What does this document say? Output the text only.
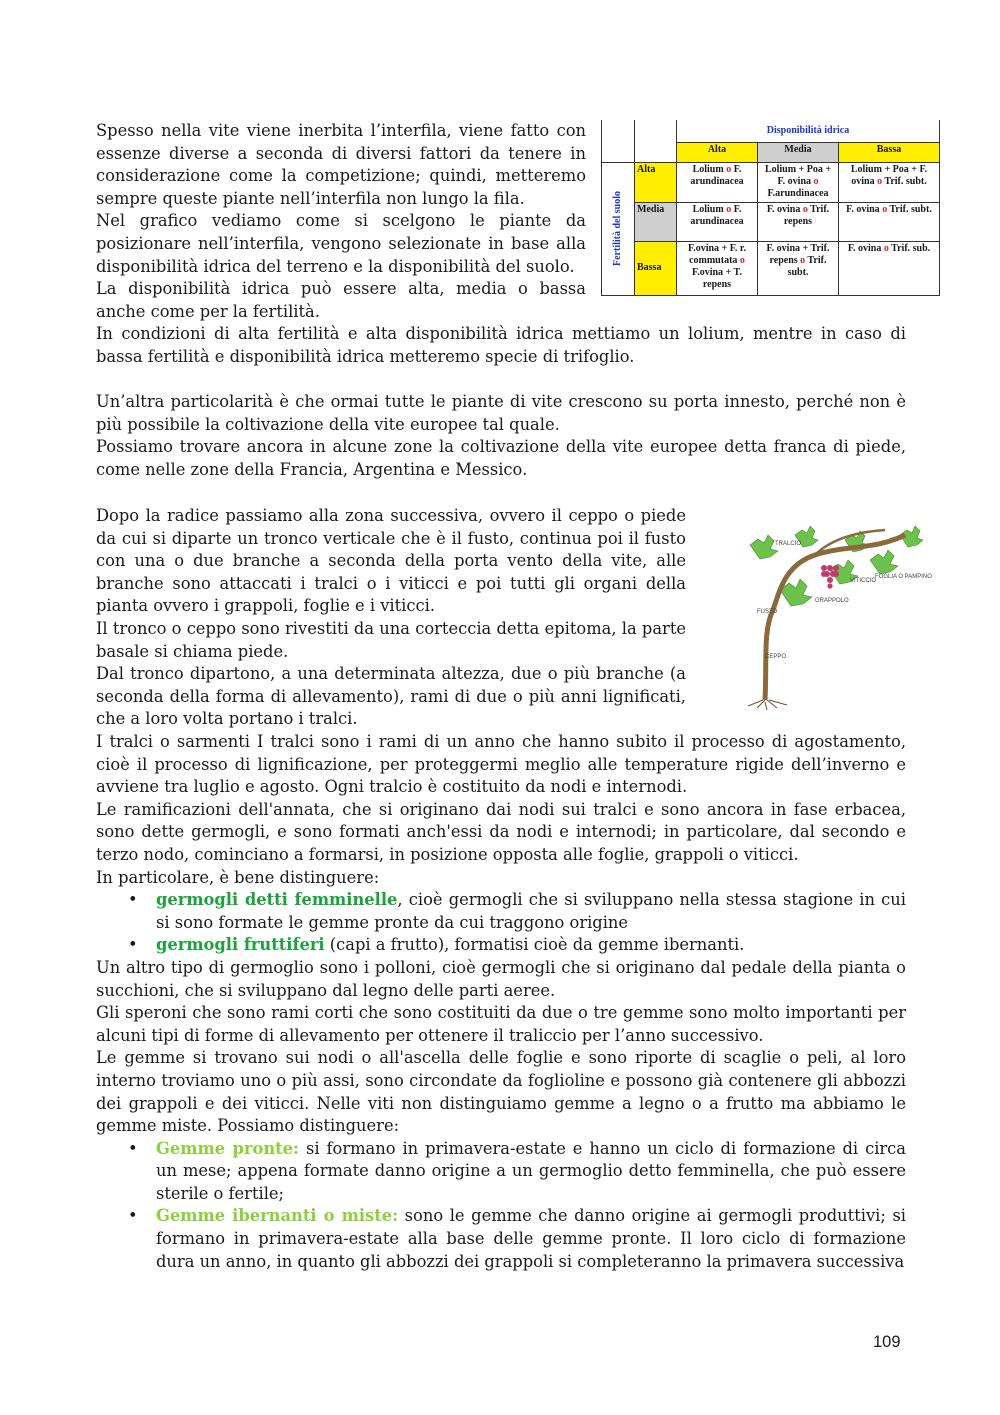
Spesso nella vite viene inerbita l’interfila, viene fatto con essenze diverse a seconda di diversi fattori da tenere in considerazione come la competizione; quindi, metteremo sempre queste piante nell’interfila non lungo la fila.

Nel grafico vediamo come si scelgono le piante da posizionare nell’interfila, vengono selezionate in base alla disponibilità idrica del terreno e la disponibilità del suolo.

La disponibilità idrica può essere alta, media o bassa anche come per la fertilità.

In condizioni di alta fertilità e alta disponibilità idrica mettiamo un lolium, mentre in caso di bassa fertilità e disponibilità idrica metteremo specie di trifoglio.

		Disponibilità idrica		
		Alta	Media	Bassa

Fertilità del suolo	Alta	Lolium o F. arundinacea	Lolium + Poa + F. ovina o F.arundinacea	Lolium + Poa + F. ovina o Trif. subt.
	Media	Lolium o F. arundinacea	F. ovina o Trif. repens	F. ovina o Trif. subt.
	Bassa	F.ovina + F. r. commutata o F.ovina + T. repens	F. ovina + Trif. repens o Trif. subt.	F. ovina o Trif. sub.

Un’altra particolarità è che ormai tutte le piante di vite crescono su porta innesto, perché non è più possibile la coltivazione della vite europee tal quale.

Possiamo trovare ancora in alcune zone la coltivazione della vite europee detta franca di piede, come nelle zone della Francia, Argentina e Messico.

Dopo la radice passiamo alla zona successiva, ovvero il ceppo o piede da cui si diparte un tronco verticale che è il fusto, continua poi il fusto con una o due branche a seconda della porta vento della vite, alle branche sono attaccati i tralci o i viticci e poi tutti gli organi della pianta ovvero i grappoli, foglie e i viticci.

Il tronco o ceppo sono rivestiti da una corteccia detta epitoma, la parte basale si chiama piede.

Dal tronco dipartono, a una determinata altezza, due o più branche (a seconda della forma di allevamento), rami di due o più anni lignificati, che a loro volta portano i tralci.

TRALCIO
VITICCIO
FOGLIA O PAMPINO
GRAPPOLO
FUSTO
CEPPO

I tralci o sarmenti I tralci sono i rami di un anno che hanno subito il processo di agostamento, cioè il processo di lignificazione, per proteggermi meglio alle temperature rigide dell’inverno e avviene tra luglio e agosto. Ogni tralcio è costituito da nodi e internodi.

Le ramificazioni dell'annata, che si originano dai nodi sui tralci e sono ancora in fase erbacea, sono dette germogli, e sono formati anch'essi da nodi e internodi; in particolare, dal secondo e terzo nodo, cominciano a formarsi, in posizione opposta alle foglie, grappoli o viticci.

In particolare, è bene distinguere:

• germogli detti femminelle, cioè germogli che si sviluppano nella stessa stagione in cui si sono formate le gemme pronte da cui traggono origine
• germogli fruttiferi (capi a frutto), formatisi cioè da gemme ibernanti.

Un altro tipo di germoglio sono i polloni, cioè germogli che si originano dal pedale della pianta o succhioni, che si sviluppano dal legno delle parti aeree.

Gli speroni che sono rami corti che sono costituiti da due o tre gemme sono molto importanti per alcuni tipi di forme di allevamento per ottenere il traliccio per l’anno successivo.

Le gemme si trovano sui nodi o all'ascella delle foglie e sono riporte di scaglie o peli, al loro interno troviamo uno o più assi, sono circondate da foglioline e possono già contenere gli abbozzi dei grappoli e dei viticci. Nelle viti non distinguiamo gemme a legno o a frutto ma abbiamo le gemme miste. Possiamo distinguere:

• Gemme pronte: si formano in primavera-estate e hanno un ciclo di formazione di circa un mese; appena formate danno origine a un germoglio detto femminella, che può essere sterile o fertile;
• Gemme ibernanti o miste: sono le gemme che danno origine ai germogli produttivi; si formano in primavera-estate alla base delle gemme pronte. Il loro ciclo di formazione dura un anno, in quanto gli abbozzi dei grappoli si completeranno la primavera successiva
109
